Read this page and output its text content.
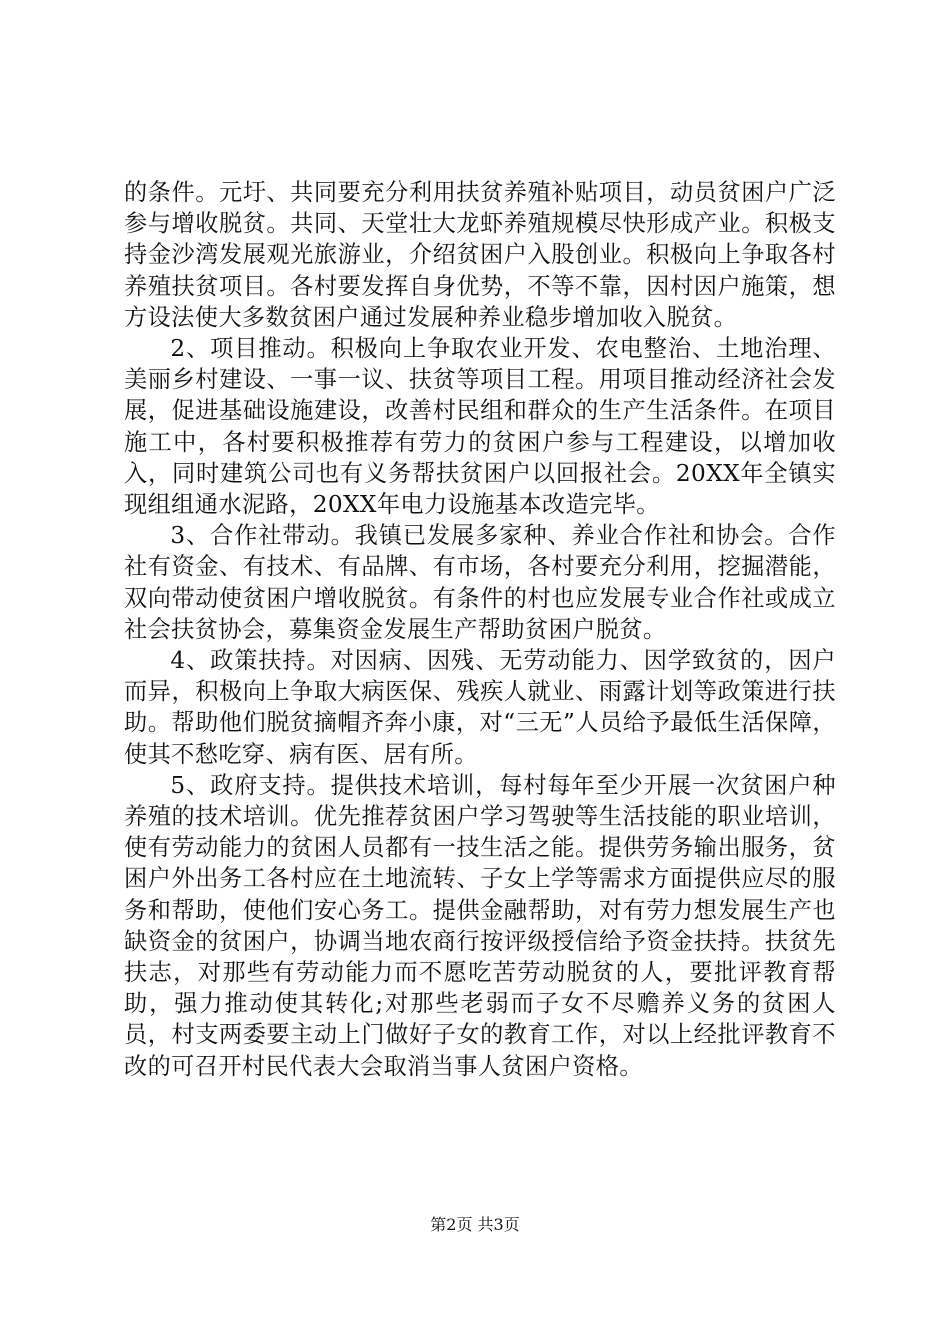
的条件。元圩、共同要充分利用扶贫养殖补贴项目，动员贫困户广泛参与增收脱贫。共同、天堂壮大龙虾养殖规模尽快形成产业。积极支持金沙湾发展观光旅游业，介绍贫困户入股创业。积极向上争取各村养殖扶贫项目。各村要发挥自身优势，不等不靠，因村因户施策，想方设法使大多数贫困户通过发展种养业稳步增加收入脱贫。

2、项目推动。积极向上争取农业开发、农电整治、土地治理、美丽乡村建设、一事一议、扶贫等项目工程。用项目推动经济社会发展，促进基础设施建设，改善村民组和群众的生产生活条件。在项目施工中，各村要积极推荐有劳力的贫困户参与工程建设，以增加收入，同时建筑公司也有义务帮扶贫困户以回报社会。20XX年全镇实现组组通水泥路，20XX年电力设施基本改造完毕。

3、合作社带动。我镇已发展多家种、养业合作社和协会。合作社有资金、有技术、有品牌、有市场，各村要充分利用，挖掘潜能，双向带动使贫困户增收脱贫。有条件的村也应发展专业合作社或成立社会扶贫协会，募集资金发展生产帮助贫困户脱贫。

4、政策扶持。对因病、因残、无劳动能力、因学致贫的，因户而异，积极向上争取大病医保、残疾人就业、雨露计划等政策进行扶助。帮助他们脱贫摘帽齐奔小康，对“三无”人员给予最低生活保障，使其不愁吃穿、病有医、居有所。

5、政府支持。提供技术培训，每村每年至少开展一次贫困户种养殖的技术培训。优先推荐贫困户学习驾驶等生活技能的职业培训，使有劳动能力的贫困人员都有一技生活之能。提供劳务输出服务，贫困户外出务工各村应在土地流转、子女上学等需求方面提供应尽的服务和帮助，使他们安心务工。提供金融帮助，对有劳力想发展生产也缺资金的贫困户，协调当地农商行按评级授信给予资金扶持。扶贫先扶志，对那些有劳动能力而不愿吃苦劳动脱贫的人，要批评教育帮助，强力推动使其转化;对那些老弱而子女不尽赡养义务的贫困人员，村支两委要主动上门做好子女的教育工作，对以上经批评教育不改的可召开村民代表大会取消当事人贫困户资格。

第2页 共3页
